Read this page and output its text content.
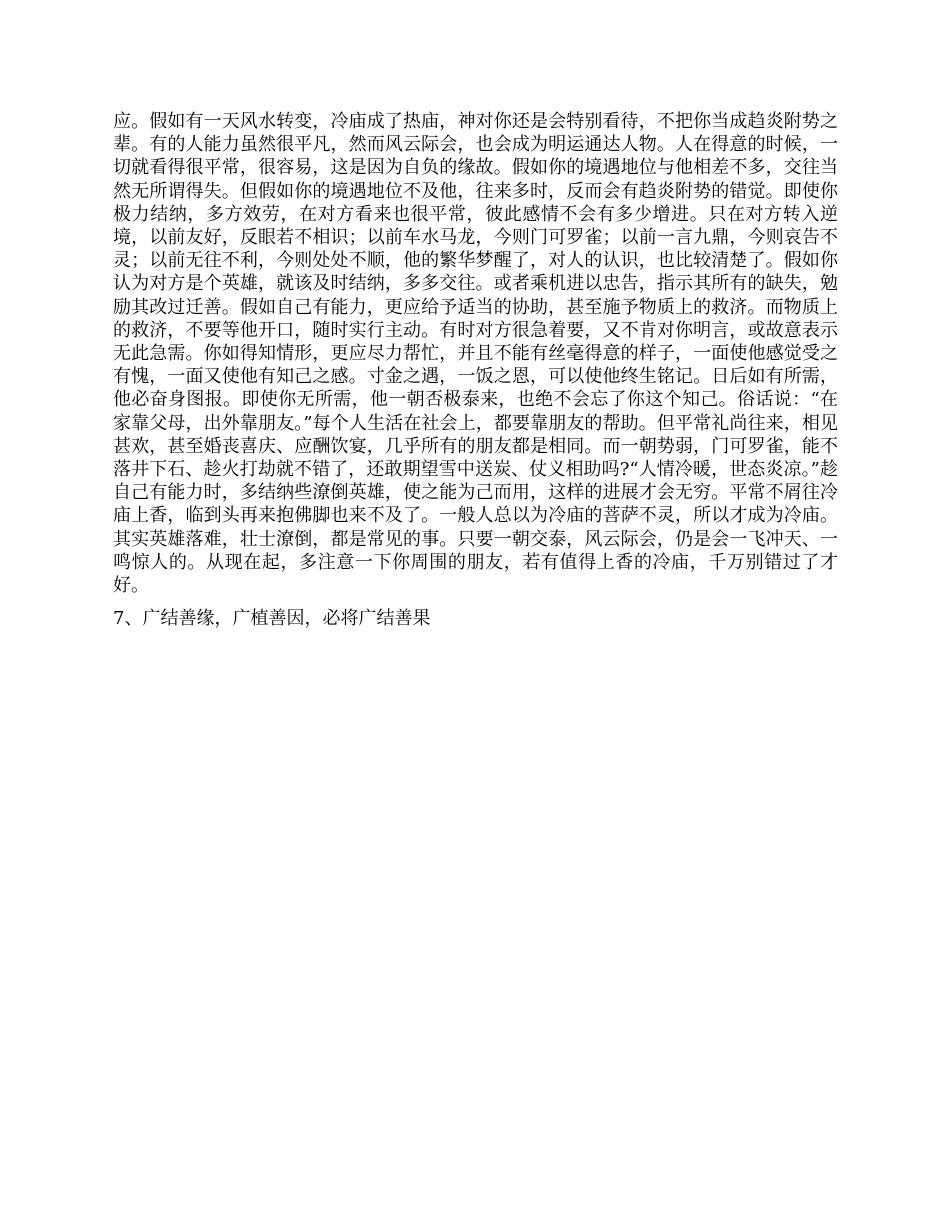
应。假如有一天风水转变，冷庙成了热庙，神对你还是会特别看待，不把你当成趋炎附势之辈。有的人能力虽然很平凡，然而风云际会，也会成为明运通达人物。人在得意的时候，一切就看得很平常，很容易，这是因为自负的缘故。假如你的境遇地位与他相差不多，交往当然无所谓得失。但假如你的境遇地位不及他，往来多时，反而会有趋炎附势的错觉。即使你极力结纳，多方效劳，在对方看来也很平常，彼此感情不会有多少增进。只在对方转入逆境，以前友好，反眼若不相识；以前车水马龙，今则门可罗雀；以前一言九鼎，今则哀告不灵；以前无往不利，今则处处不顺，他的繁华梦醒了，对人的认识，也比较清楚了。假如你认为对方是个英雄，就该及时结纳，多多交往。或者乘机进以忠告，指示其所有的缺失，勉励其改过迁善。假如自己有能力，更应给予适当的协助，甚至施予物质上的救济。而物质上的救济，不要等他开口，随时实行主动。有时对方很急着要，又不肯对你明言，或故意表示无此急需。你如得知情形，更应尽力帮忙，并且不能有丝毫得意的样子，一面使他感觉受之有愧，一面又使他有知己之感。寸金之遇，一饭之恩，可以使他终生铭记。日后如有所需，他必奋身图报。即使你无所需，他一朝否极泰来，也绝不会忘了你这个知己。俗话说：“在家靠父母，出外靠朋友。”每个人生活在社会上，都要靠朋友的帮助。但平常礼尚往来，相见甚欢，甚至婚丧喜庆、应酬饮宴，几乎所有的朋友都是相同。而一朝势弱，门可罗雀，能不落井下石、趁火打劫就不错了，还敢期望雪中送炭、仗义相助吗?“人情冷暖，世态炎凉。”趁自己有能力时，多结纳些潦倒英雄，使之能为己而用，这样的进展才会无穷。平常不屑往冷庙上香，临到头再来抱佛脚也来不及了。一般人总以为冷庙的菩萨不灵，所以才成为冷庙。其实英雄落难，壮士潦倒，都是常见的事。只要一朝交泰，风云际会，仍是会一飞冲天、一鸣惊人的。从现在起，多注意一下你周围的朋友，若有值得上香的冷庙，千万别错过了才好。

7、广结善缘，广植善因，必将广结善果
